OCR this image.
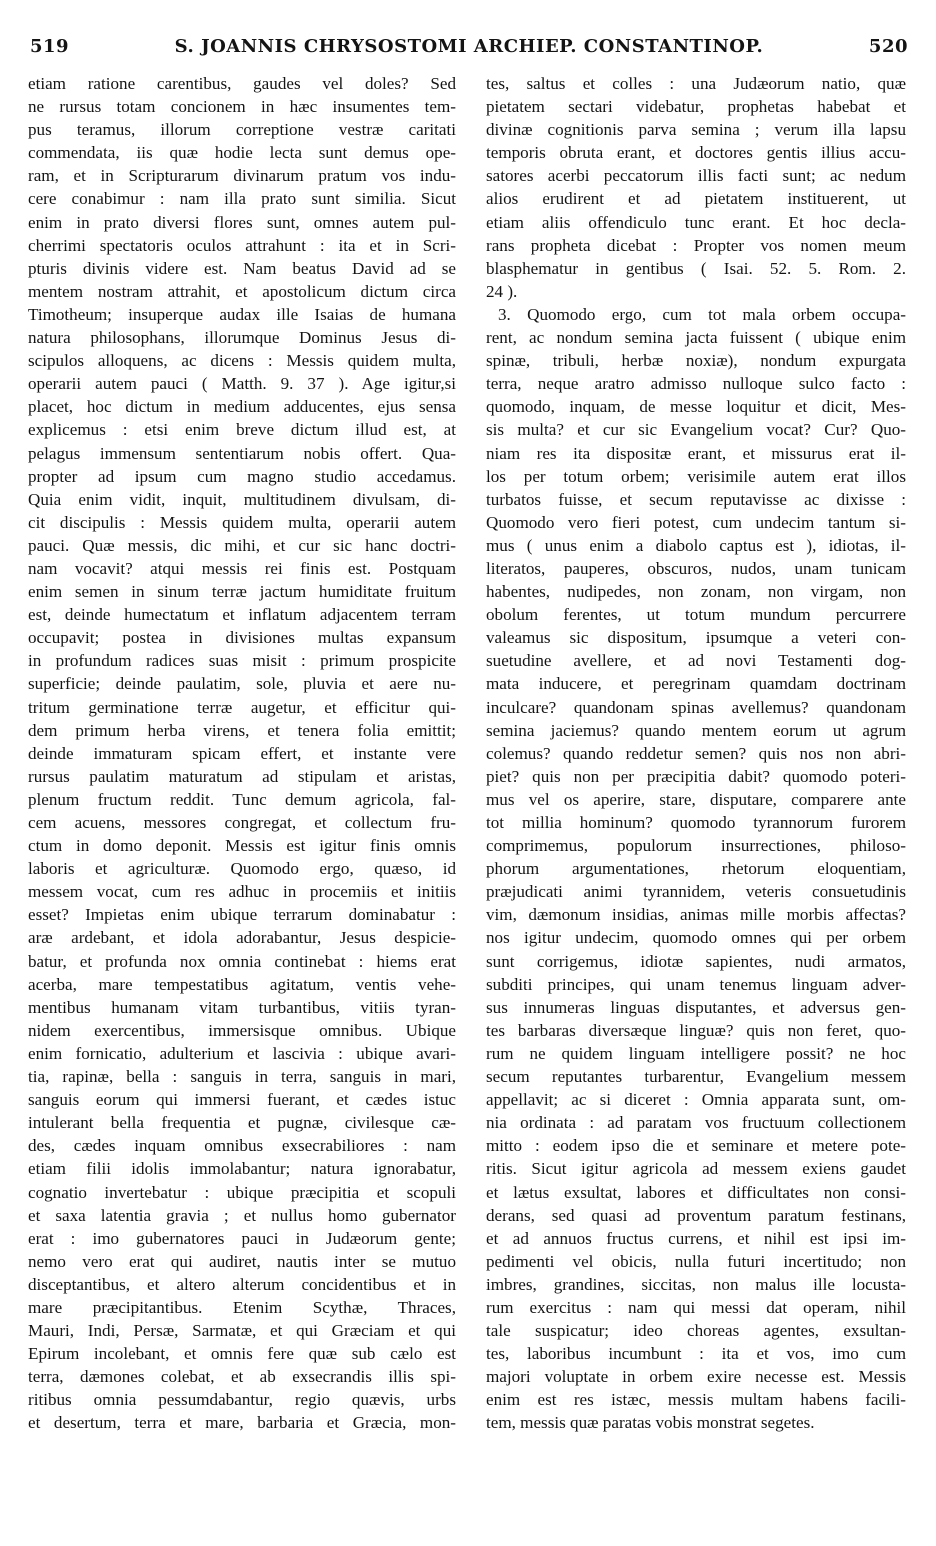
519	S. JOANNIS CHRYSOSTOMI ARCHIEP. CONSTANTINOP.	520
etiam ratione carentibus, gaudes vel doles? Sed
ne rursus totam concionem in hæc insumentes tem-
pus teramus, illorum correptione vestræ caritati
commendata, iis quæ hodie lecta sunt demus ope-
ram, et in Scripturarum divinarum pratum vos indu-
cere conabimur : nam illa prato sunt similia. Sicut
enim in prato diversi flores sunt, omnes autem pul-
cherrimi spectatoris oculos attrahunt : ita et in Scri-
pturis divinis videre est. Nam beatus David ad se
mentem nostram attrahit, et apostolicum dictum circa
Timotheum; insuperque audax ille Isaias de humana
natura philosophans, illorumque Dominus Jesus di-
scipulos alloquens, ac dicens : Messis quidem multa,
operarii autem pauci ( Matth. 9. 37 ). Age igitur,si
placet, hoc dictum in medium adducentes, ejus sensa
explicemus : etsi enim breve dictum illud est, at
pelagus immensum sententiarum nobis offert. Qua-
propter ad ipsum cum magno studio accedamus.
Quia enim vidit, inquit, multitudinem divulsam, di-
cit discipulis : Messis quidem multa, operarii autem
pauci. Quæ messis, dic mihi, et cur sic hanc doctri-
nam vocavit? atqui messis rei finis est. Postquam
enim semen in sinum terræ jactum humiditate fruitum
est, deinde humectatum et inflatum adjacentem terram
occupavit; postea in divisiones multas expansum
in profundum radices suas misit : primum prospicite
superficie; deinde paulatim, sole, pluvia et aere nu-
tritum germinatione terræ augetur, et efficitur qui-
dem primum herba virens, et tenera folia emittit;
deinde immaturam spicam effert, et instante vere
rursus paulatim maturatum ad stipulam et aristas,
plenum fructum reddit. Tunc demum agricola, fal-
cem acuens, messores congregat, et collectum fru-
ctum in domo deponit. Messis est igitur finis omnis
laboris et agriculturæ. Quomodo ergo, quæso, id
messem vocat, cum res adhuc in procemiis et initiis
esset? Impietas enim ubique terrarum dominabatur :
aræ ardebant, et idola adorabantur, Jesus despicie-
batur, et profunda nox omnia continebat : hiems erat
acerba, mare tempestatibus agitatum, ventis vehe-
mentibus humanam vitam turbantibus, vitiis tyran-
nidem exercentibus, immersisque omnibus. Ubique
enim fornicatio, adulterium et lascivia : ubique avari-
tia, rapinæ, bella : sanguis in terra, sanguis in mari,
sanguis eorum qui immersi fuerant, et cædes istuc
intulerant bella frequentia et pugnæ, civilesque cæ-
des, cædes inquam omnibus exsecrabiliores : nam
etiam filii idolis immolabantur; natura ignorabatur,
cognatio invertebatur : ubique præcipitia et scopuli
et saxa latentia gravia ; et nullus homo gubernator
erat : imo gubernatores pauci in Judæorum gente;
nemo vero erat qui audiret, nautis inter se mutuo
disceptantibus, et altero alterum concidentibus et in
mare præcipitantibus. Etenim Scythæ, Thraces,
Mauri, Indi, Persæ, Sarmatæ, et qui Græciam et qui
Epirum incolebant, et omnis fere quæ sub cælo est
terra, dæmones colebat, et ab exsecrandis illis spi-
ritibus omnia pessumdabantur, regio quævis, urbs
et desertum, terra et mare, barbaria et Græcia, mon-
tes, saltus et colles : una Judæorum natio, quæ
pietatem sectari videbatur, prophetas habebat et
divinæ cognitionis parva semina ; verum illa lapsu
temporis obruta erant, et doctores gentis illius accu-
satores acerbi peccatorum illis facti sunt; ac nedum
alios erudirent et ad pietatem instituerent, ut
etiam aliis offendiculo tunc erant. Et hoc decla-
rans propheta dicebat : Propter vos nomen meum
blasphematur in gentibus ( Isai. 52. 5. Rom. 2.
24 ).
3. Quomodo ergo, cum tot mala orbem occupa-
rent, ac nondum semina jacta fuissent ( ubique enim
spinæ, tribuli, herbæ noxiæ), nondum expurgata
terra, neque aratro admisso nulloque sulco facto :
quomodo, inquam, de messe loquitur et dicit, Mes-
sis multa? et cur sic Evangelium vocat? Cur? Quo-
niam res ita dispositæ erant, et missurus erat il-
los per totum orbem; verisimile autem erat illos
turbatos fuisse, et secum reputavisse ac dixisse :
Quomodo vero fieri potest, cum undecim tantum si-
mus ( unus enim a diabolo captus est ), idiotas, il-
literatos, pauperes, obscuros, nudos, unam tunicam
habentes, nudipedes, non zonam, non virgam, non
obolum ferentes, ut totum mundum percurrere
valeamus sic dispositum, ipsumque a veteri con-
suetudine avellere, et ad novi Testamenti dog-
mata inducere, et peregrinam quamdam doctrinam
inculcare? quandonam spinas avellemus? quandonam
semina jaciemus? quando mentem eorum ut agrum
colemus? quando reddetur semen? quis nos non abri-
piet? quis non per præcipitia dabit? quomodo poteri-
mus vel os aperire, stare, disputare, comparere ante
tot millia hominum? quomodo tyrannorum furorem
comprimemus, populorum insurrectiones, philoso-
phorum argumentationes, rhetorum eloquentiam,
præjudicati animi tyrannidem, veteris consuetudinis
vim, dæmonum insidias, animas mille morbis affectas?
nos igitur undecim, quomodo omnes qui per orbem
sunt corrigemus, idiotæ sapientes, nudi armatos,
subditi principes, qui unam tenemus linguam adver-
sus innumeras linguas disputantes, et adversus gen-
tes barbaras diversæque linguæ? quis non feret, quo-
rum ne quidem linguam intelligere possit? ne hoc
secum reputantes turbarentur, Evangelium messem
appellavit; ac si diceret : Omnia apparata sunt, om-
nia ordinata : ad paratam vos fructuum collectionem
mitto : eodem ipso die et seminare et metere pote-
ritis. Sicut igitur agricola ad messem exiens gaudet
et lætus exsultat, labores et difficultates non consi-
derans, sed quasi ad proventum paratum festinans,
et ad annuos fructus currens, et nihil est ipsi im-
pedimenti vel obicis, nulla futuri incertitudo; non
imbres, grandines, siccitas, non malus ille locusta-
rum exercitus : nam qui messi dat operam, nihil
tale suspicatur; ideo choreas agentes, exsultan-
tes, laboribus incumbunt : ita et vos, imo cum
majori voluptate in orbem exire necesse est. Messis
enim est res istæc, messis multam habens facili-
tem, messis quæ paratas vobis monstrat segetes.
